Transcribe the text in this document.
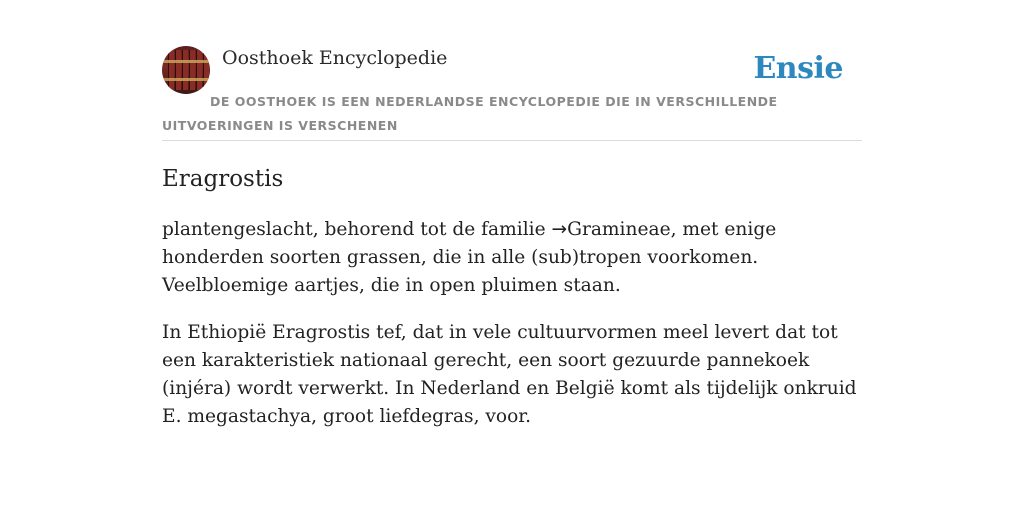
Oosthoek Encyclopedie	Ensie
DE OOSTHOEK IS EEN NEDERLANDSE ENCYCLOPEDIE DIE IN VERSCHILLENDE UITVOERINGEN IS VERSCHENEN
Eragrostis

plantengeslacht, behorend tot de familie →Gramineae, met enige honderden soorten grassen, die in alle (sub)tropen voorkomen. Veelbloemige aartjes, die in open pluimen staan.

In Ethiopië Eragrostis tef, dat in vele cultuurvormen meel levert dat tot een karakteristiek nationaal gerecht, een soort gezuurde pannekoek (injéra) wordt verwerkt. In Nederland en België komt als tijdelijk onkruid E. megastachya, groot liefdegras, voor.
